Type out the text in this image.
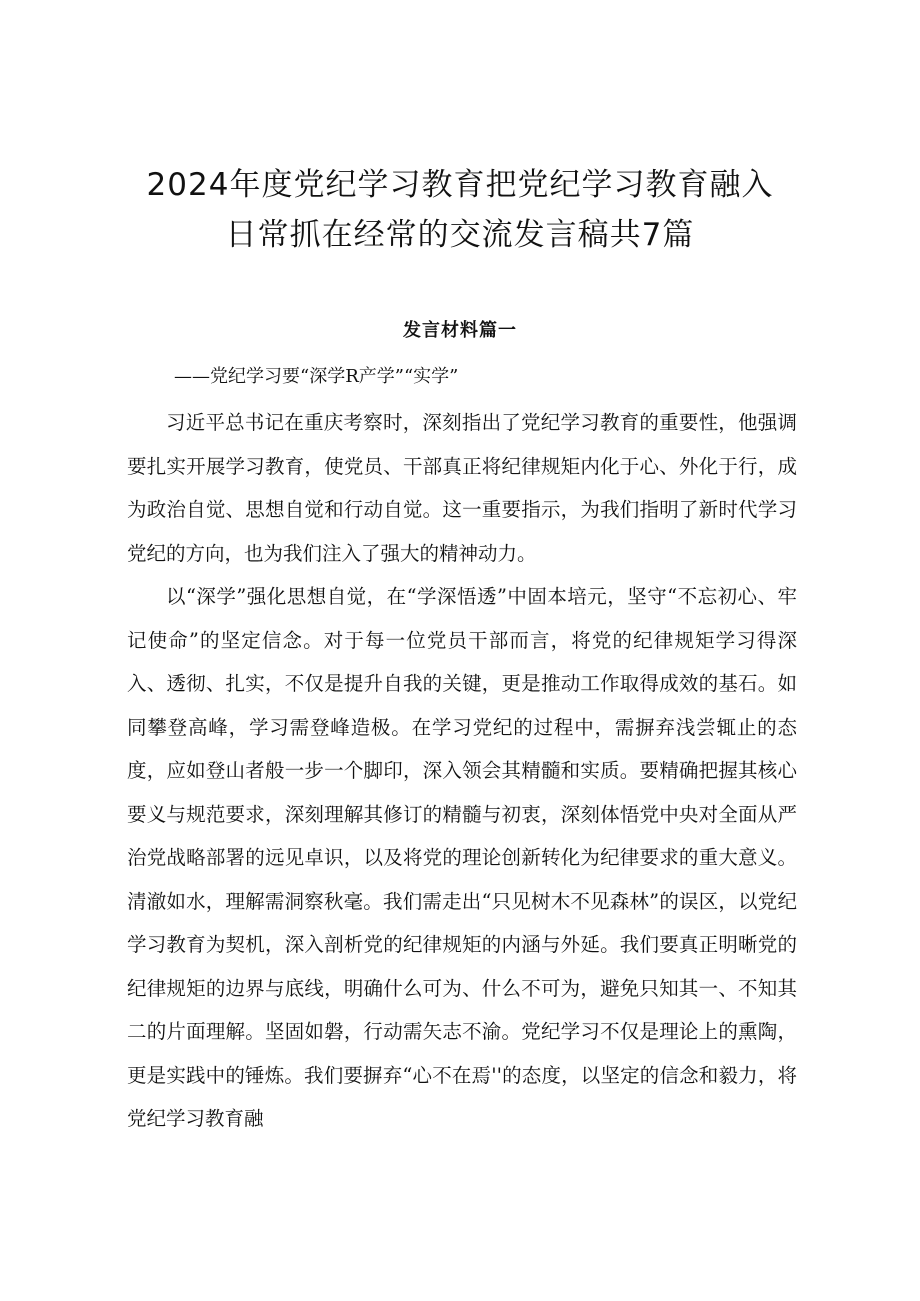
2024年度党纪学习教育把党纪学习教育融入
日常抓在经常的交流发言稿共7篇
发言材料篇一
——党纪学习要“深学R产学”“实学”

习近平总书记在重庆考察时，深刻指出了党纪学习教育的重要性，他强调要扎实开展学习教育，使党员、干部真正将纪律规矩内化于心、外化于行，成为政治自觉、思想自觉和行动自觉。这一重要指示，为我们指明了新时代学习党纪的方向，也为我们注入了强大的精神动力。

以“深学”强化思想自觉，在“学深悟透”中固本培元，坚守“不忘初心、牢记使命”的坚定信念。对于每一位党员干部而言，将党的纪律规矩学习得深入、透彻、扎实，不仅是提升自我的关键，更是推动工作取得成效的基石。如同攀登高峰，学习需登峰造极。在学习党纪的过程中，需摒弃浅尝辄止的态度，应如登山者般一步一个脚印，深入领会其精髓和实质。要精确把握其核心要义与规范要求，深刻理解其修订的精髓与初衷，深刻体悟党中央对全面从严治党战略部署的远见卓识，以及将党的理论创新转化为纪律要求的重大意义。清澈如水，理解需洞察秋毫。我们需走出“只见树木不见森林”的误区，以党纪学习教育为契机，深入剖析党的纪律规矩的内涵与外延。我们要真正明晰党的纪律规矩的边界与底线，明确什么可为、什么不可为，避免只知其一、不知其二的片面理解。坚固如磐，行动需矢志不渝。党纪学习不仅是理论上的熏陶，更是实践中的锤炼。我们要摒弃“心不在焉''的态度，以坚定的信念和毅力，将党纪学习教育融
